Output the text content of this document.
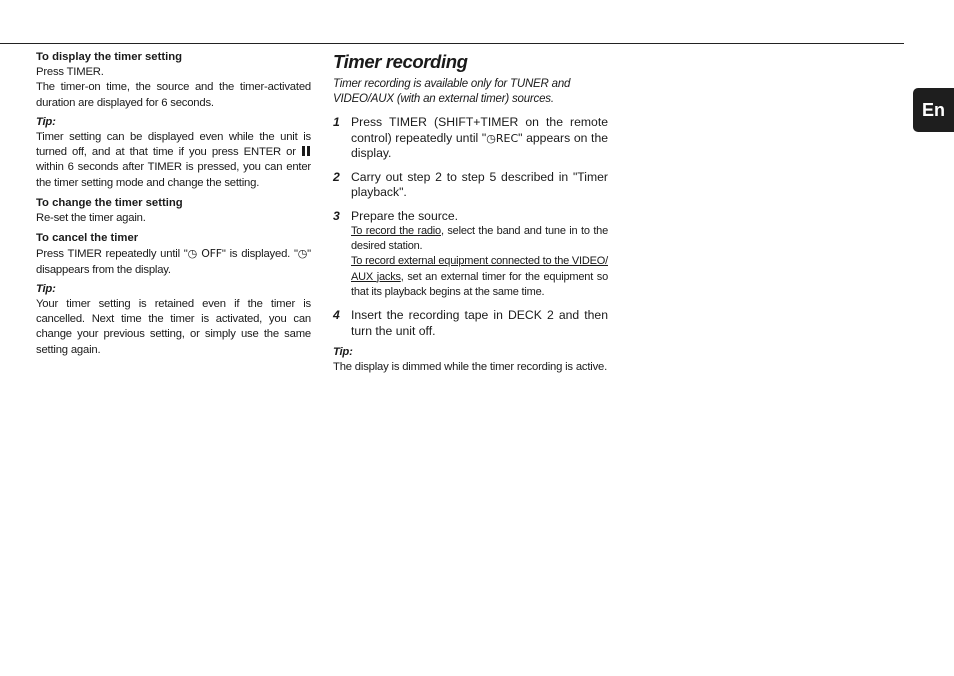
En
To display the timer setting
Press TIMER.
The timer-on time, the source and the timer-activated duration are displayed for 6 seconds.
Tip:
Timer setting can be displayed even while the unit is turned off, and at that time if you press ENTER or  within 6 seconds after TIMER is pressed, you can enter the timer setting mode and change the setting.
To change the timer setting
Re-set the timer again.
To cancel the timer
Press TIMER repeatedly until "◷ OFF" is displayed. "◷" disappears from the display.
Tip:
Your timer setting is retained even if the timer is cancelled. Next time the timer is activated, you can change your previous setting, or simply use the same setting again.
Timer recording
Timer recording is available only for TUNER and VIDEO/AUX (with an external timer) sources.
1 Press TIMER (SHIFT+TIMER on the remote control) repeatedly until "◷REC" appears on the display.
2 Carry out step 2 to step 5 described in "Timer playback".
3 Prepare the source.
To record the radio, select the band and tune in to the desired station.
To record external equipment connected to the VIDEO/ AUX jacks, set an external timer for the equipment so that its playback begins at the same time.
4 Insert the recording tape in DECK 2 and then turn the unit off.
Tip:
The display is dimmed while the timer recording is active.
